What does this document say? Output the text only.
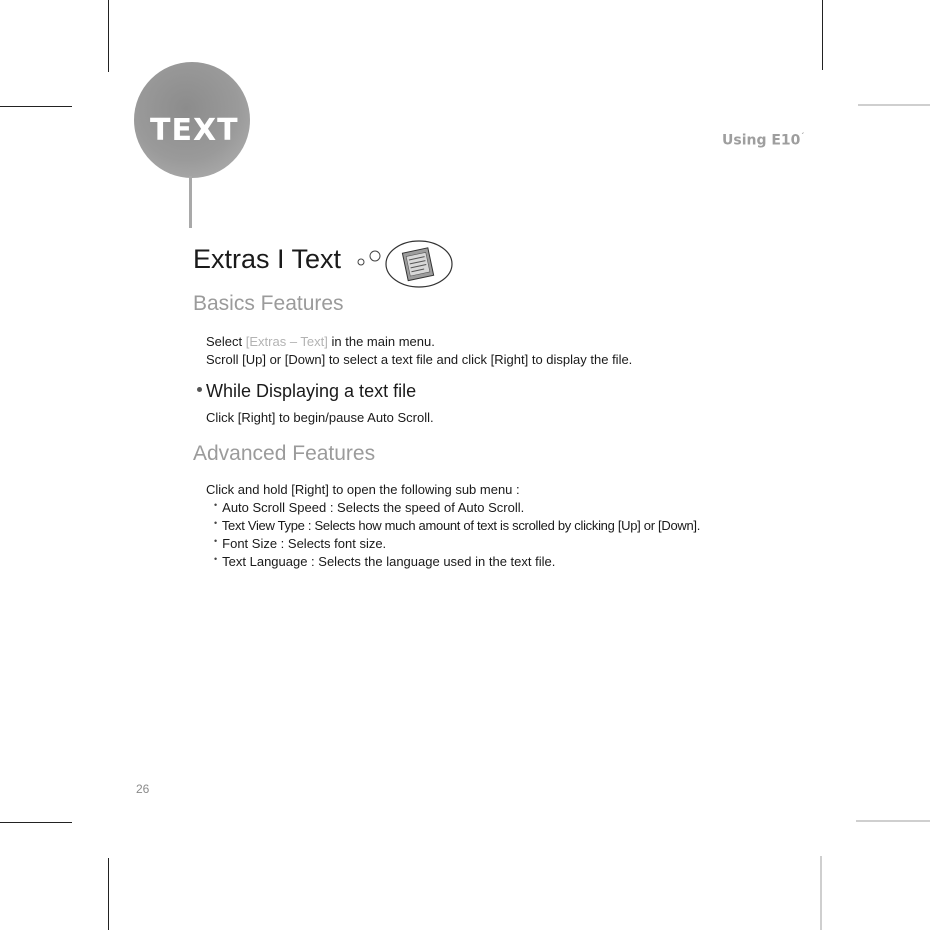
TEXT	Using E10´
Extras I Text
Basics Features
Select [Extras – Text] in the main menu.
Scroll [Up] or [Down] to select a text file and click [Right] to display the file.
While Displaying a text file
Click [Right] to begin/pause Auto Scroll.
Advanced Features
Click and hold [Right] to open the following sub menu :
• Auto Scroll Speed : Selects the speed of Auto Scroll.
• Text View Type : Selects how much amount of text is scrolled by clicking [Up] or [Down].
• Font Size : Selects font size.
• Text Language : Selects the language used in the text file.
26
